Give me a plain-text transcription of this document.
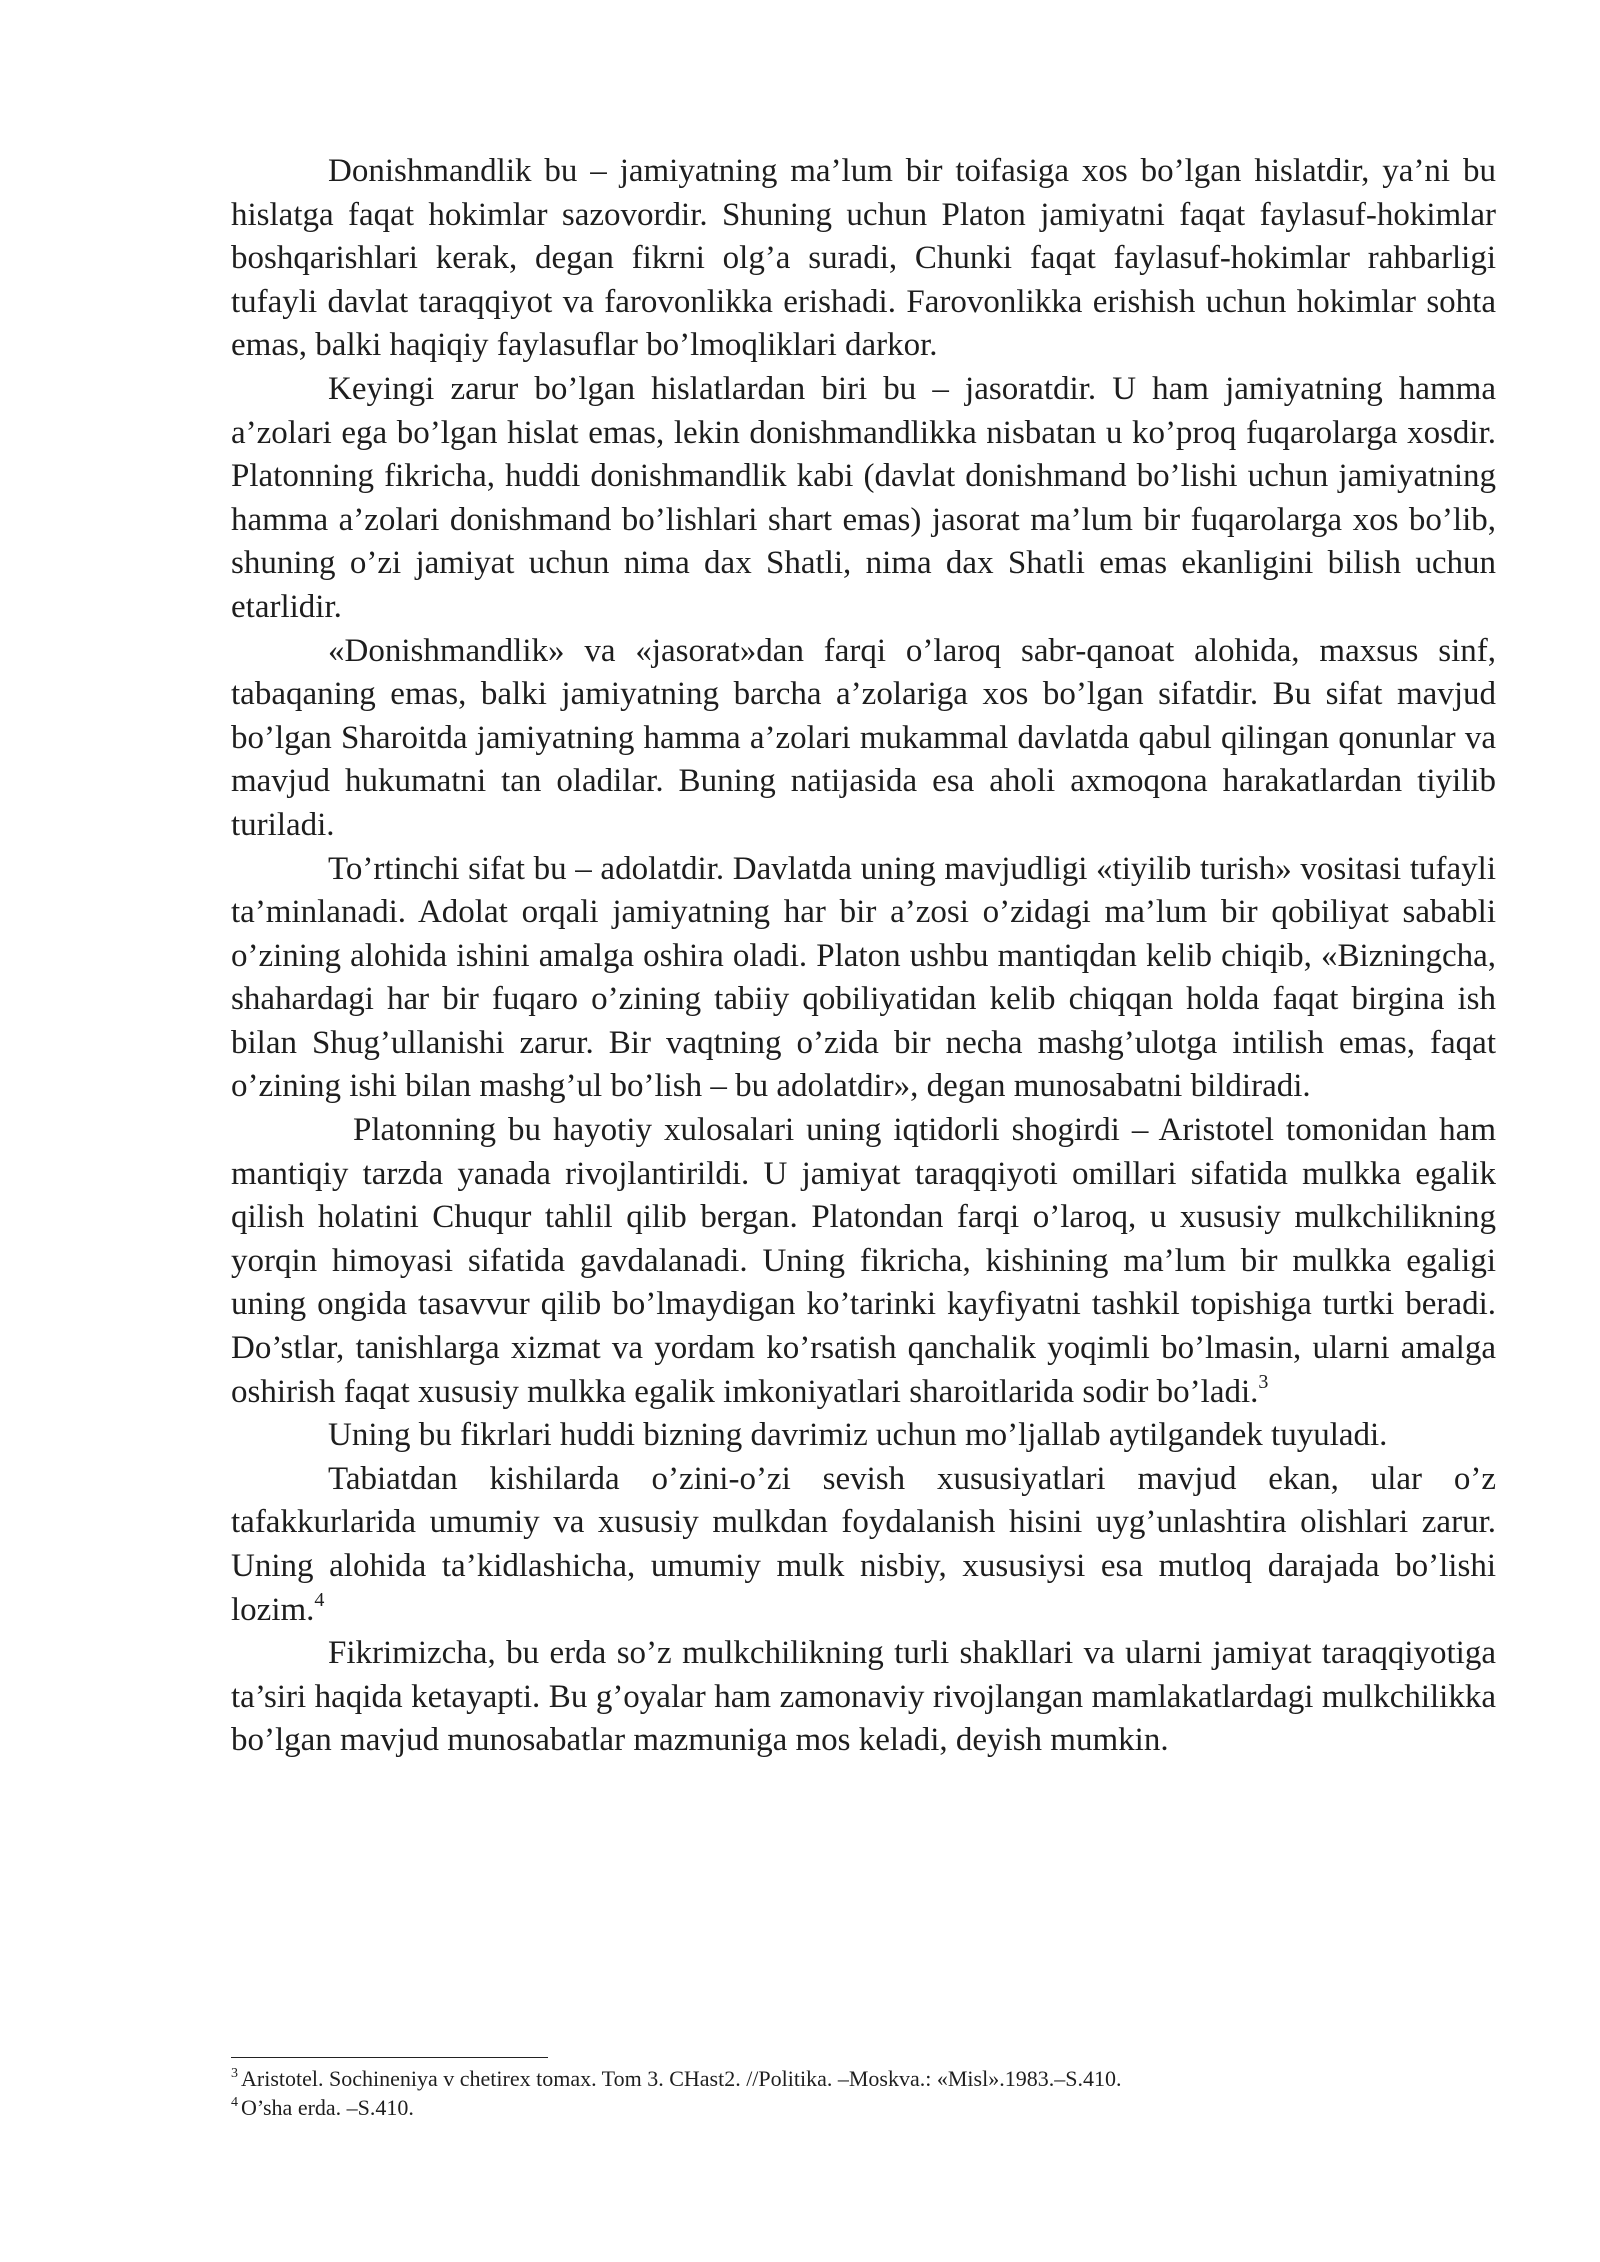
Donishmandlik bu – jamiyatning ma’lum bir toifasiga xos bo’lgan hislatdir, ya’ni bu hislatga faqat hokimlar sazovordir. Shuning uchun Platon jamiyatni faqat faylasuf-hokimlar boshqarishlari kerak, degan fikrni olg’a suradi, Chunki faqat faylasuf-hokimlar rahbarligi tufayli davlat taraqqiyot va farovonlikka erishadi. Farovonlikka erishish uchun hokimlar sohta emas, balki haqiqiy faylasuflar bo’lmoqliklari darkor.

Keyingi zarur bo’lgan hislatlardan biri bu – jasoratdir. U ham jamiyatning hamma a’zolari ega bo’lgan hislat emas, lekin donishmandlikka nisbatan u ko’proq fuqarolarga xosdir. Platonning fikricha, huddi donishmandlik kabi (davlat donishmand bo’lishi uchun jamiyatning hamma a’zolari donishmand bo’lishlari shart emas) jasorat ma’lum bir fuqarolarga xos bo’lib, shuning o’zi jamiyat uchun nima dax Shatli, nima dax Shatli emas ekanligini bilish uchun etarlidir.

«Donishmandlik» va «jasorat»dan farqi o’laroq sabr-qanoat alohida, maxsus sinf, tabaqaning emas, balki jamiyatning barcha a’zolariga xos bo’lgan sifatdir. Bu sifat mavjud bo’lgan Sharoitda jamiyatning hamma a’zolari mukammal davlatda qabul qilingan qonunlar va mavjud hukumatni tan oladilar. Buning natijasida esa aholi axmoqona harakatlardan tiyilib turiladi.

To’rtinchi sifat bu – adolatdir. Davlatda uning mavjudligi «tiyilib turish» vositasi tufayli ta’minlanadi. Adolat orqali jamiyatning har bir a’zosi o’zidagi ma’lum bir qobiliyat sababli o’zining alohida ishini amalga oshira oladi. Platon ushbu mantiqdan kelib chiqib, «Bizningcha, shahardagi har bir fuqaro o’zining tabiiy qobiliyatidan kelib chiqqan holda faqat birgina ish bilan Shug’ullanishi zarur. Bir vaqtning o’zida bir necha mashg’ulotga intilish emas, faqat o’zining ishi bilan mashg’ul bo’lish – bu adolatdir», degan munosabatni bildiradi.

Platonning bu hayotiy xulosalari uning iqtidorli shogirdi – Aristotel tomonidan ham mantiqiy tarzda yanada rivojlantirildi. U jamiyat taraqqiyoti omillari sifatida mulkka egalik qilish holatini Chuqur tahlil qilib bergan. Platondan farqi o’laroq, u xususiy mulkchilikning yorqin himoyasi sifatida gavdalanadi. Uning fikricha, kishining ma’lum bir mulkka egaligi uning ongida tasavvur qilib bo’lmaydigan ko’tarinki kayfiyatni tashkil topishiga turtki beradi. Do’stlar, tanishlarga xizmat va yordam ko’rsatish qanchalik yoqimli bo’lmasin, ularni amalga oshirish faqat xususiy mulkka egalik imkoniyatlari sharoitlarida sodir bo’ladi.$^3$

Uning bu fikrlari huddi bizning davrimiz uchun mo’ljallab aytilgandek tuyuladi.

Tabiatdan kishilarda o’zini-o’zi sevish xususiyatlari mavjud ekan, ular o’z tafakkurlarida umumiy va xususiy mulkdan foydalanish hisini uyg’unlashtira olishlari zarur. Uning alohida ta’kidlashicha, umumiy mulk nisbiy, xususiysi esa mutloq darajada bo’lishi lozim.$^4$

Fikrimizcha, bu erda so’z mulkchilikning turli shakllari va ularni jamiyat taraqqiyotiga ta’siri haqida ketayapti. Bu g’oyalar ham zamonaviy rivojlangan mamlakatlardagi mulkchilikka bo’lgan mavjud munosabatlar mazmuniga mos keladi, deyish mumkin.

$^3$ Aristotel. Sochineniya v chetirex tomax. Tom 3. CHast2. //Politika. –Moskva.: «Misl».1983.–S.410.

$^4$ O’sha erda. –S.410.
